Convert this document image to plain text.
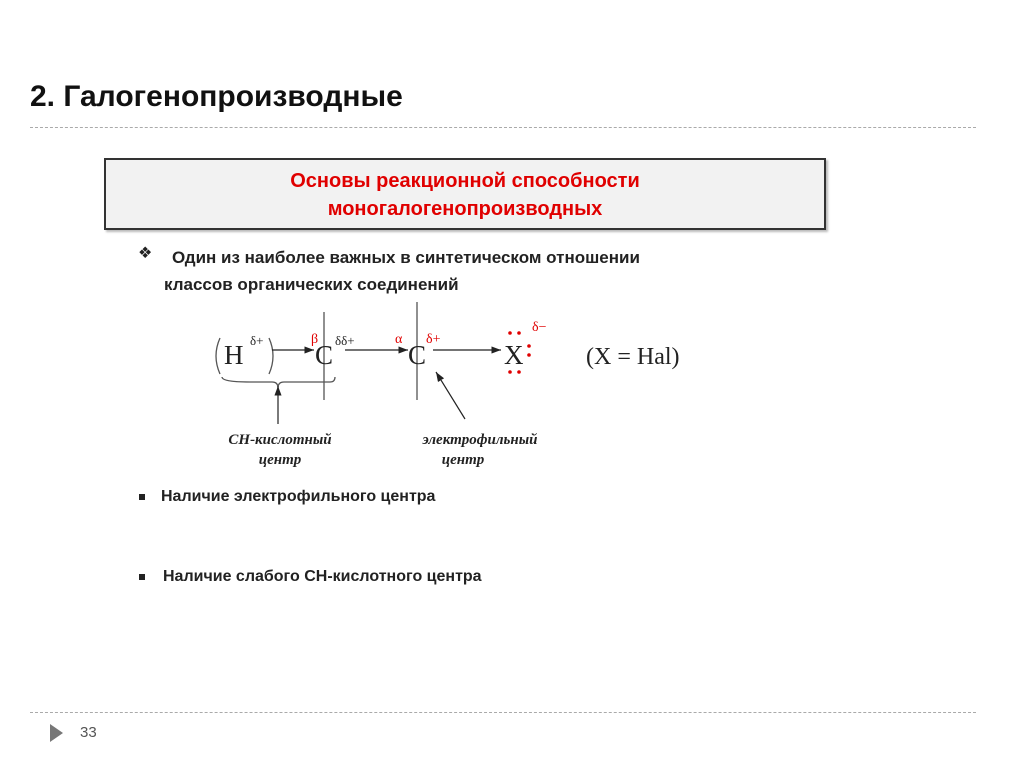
2. Галогенопроизводные
Основы реакционной способности
моногалогенопроизводных
❖ Один из наиболее важных в синтетическом отношении
классов органических соединений
H δ+ C
β δδ+ C
α δ+
X
δ−
(X = Hal)
СН-кислотный
центр
электрофильный
центр
Наличие электрофильного центра
Наличие слабого СН-кислотного центра
33
